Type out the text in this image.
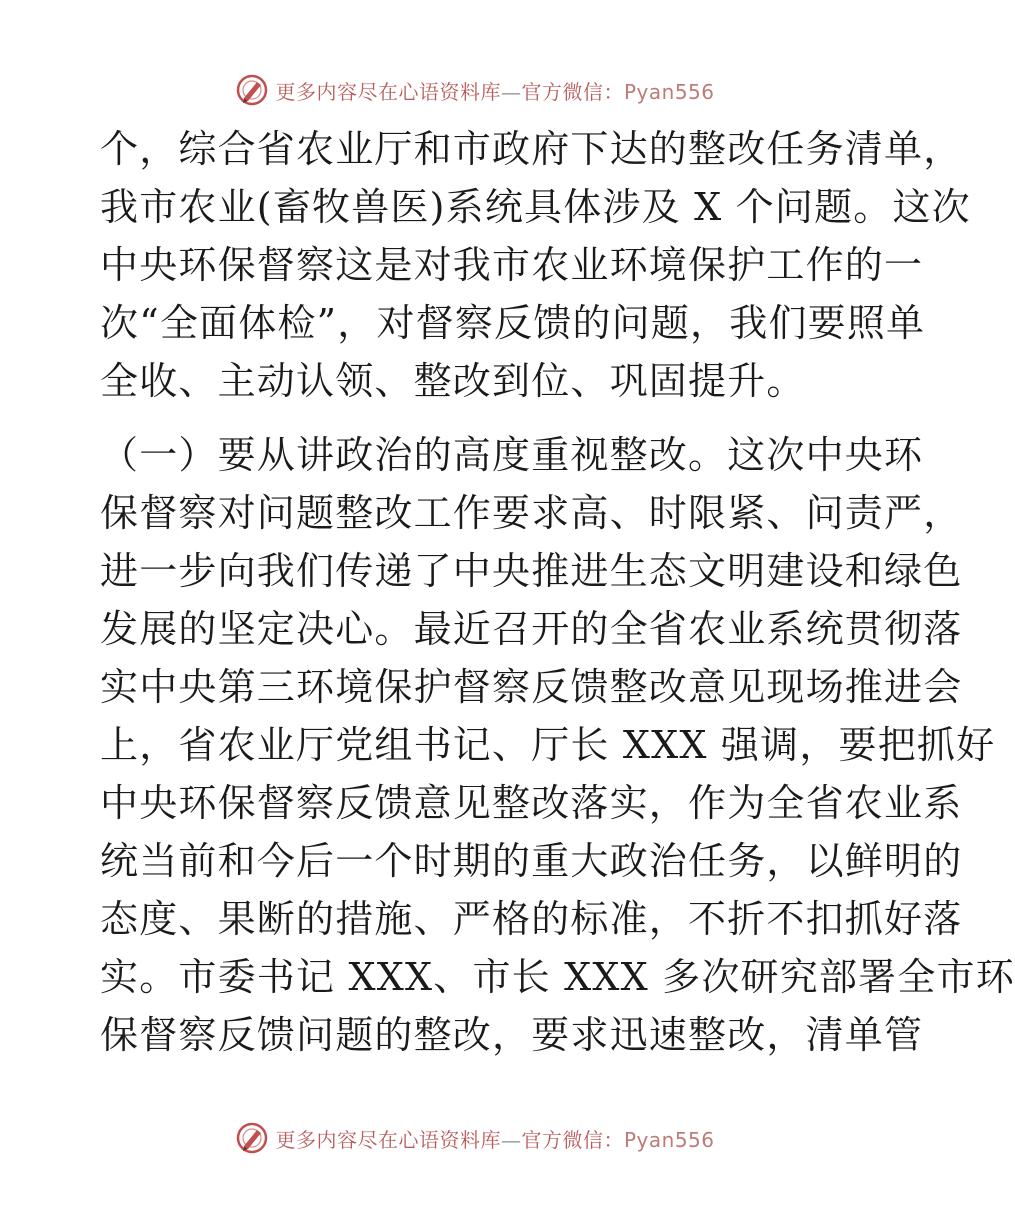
更多内容尽在心语资料库—官方微信：Pyan556
个，综合省农业厅和市政府下达的整改任务清单，
我市农业(畜牧兽医)系统具体涉及 X 个问题。这次
中央环保督察这是对我市农业环境保护工作的一
次“全面体检”，对督察反馈的问题，我们要照单
全收、主动认领、整改到位、巩固提升。
（一）要从讲政治的高度重视整改。这次中央环
保督察对问题整改工作要求高、时限紧、问责严，
进一步向我们传递了中央推进生态文明建设和绿色
发展的坚定决心。最近召开的全省农业系统贯彻落
实中央第三环境保护督察反馈整改意见现场推进会
上，省农业厅党组书记、厅长 XXX 强调，要把抓好
中央环保督察反馈意见整改落实，作为全省农业系
统当前和今后一个时期的重大政治任务，以鲜明的
态度、果断的措施、严格的标准，不折不扣抓好落
实。市委书记 XXX、市长 XXX 多次研究部署全市环
保督察反馈问题的整改，要求迅速整改，清单管
更多内容尽在心语资料库—官方微信：Pyan556
